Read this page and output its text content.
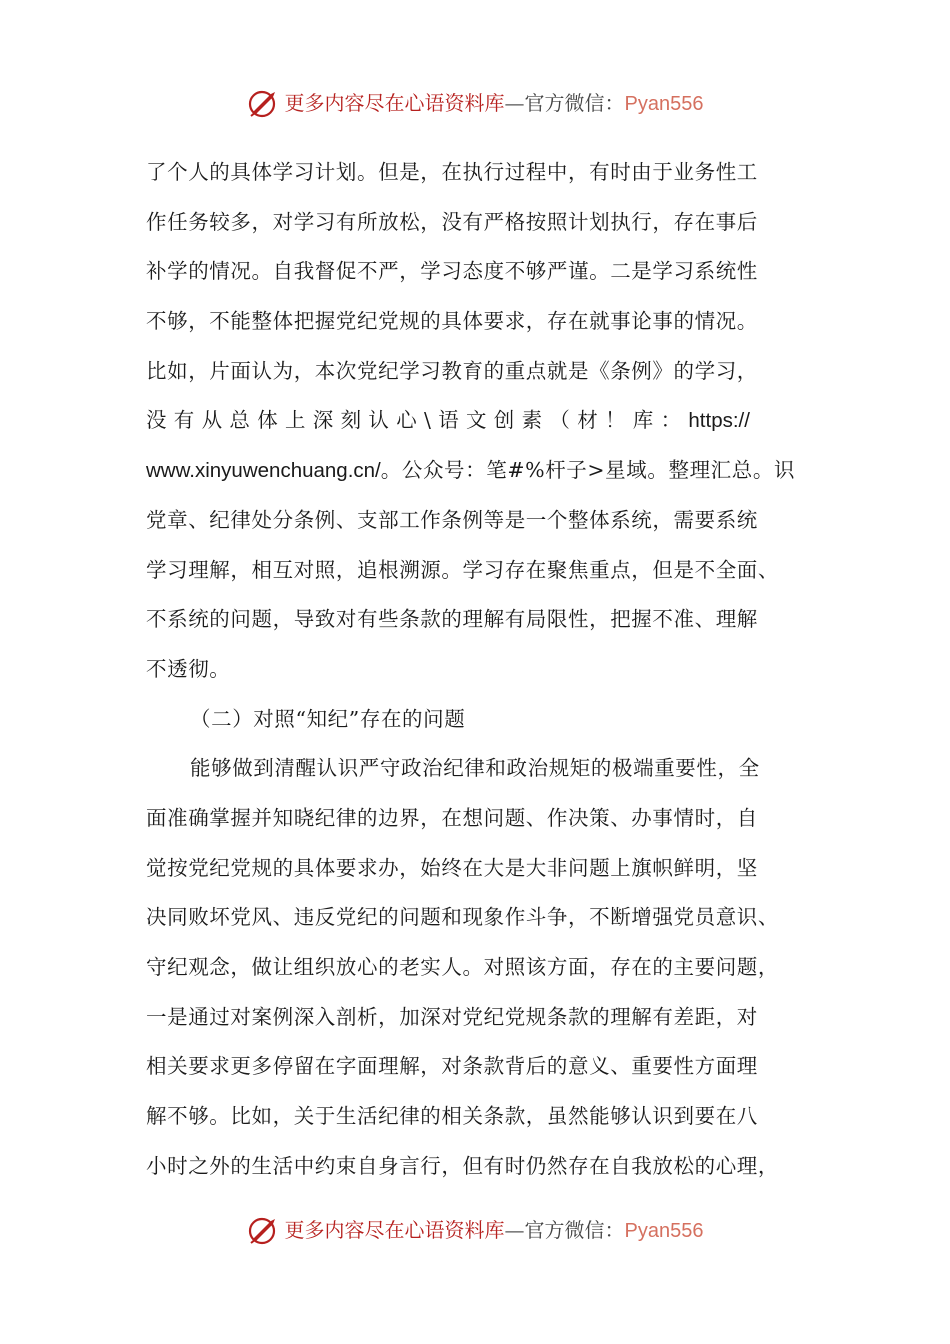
更多内容尽在心语资料库—官方微信：Pyan556
了个人的具体学习计划。但是，在执行过程中，有时由于业务性工
作任务较多，对学习有所放松，没有严格按照计划执行，存在事后
补学的情况。自我督促不严，学习态度不够严谨。二是学习系统性
不够，不能整体把握党纪党规的具体要求，存在就事论事的情况。
比如，片面认为，本次党纪学习教育的重点就是《条例》的学习，
没有从总体上深刻认心\语文创素（材！库：https://
www.xinyuwenchuang.cn/。公众号：笔#%杆子>星域。整理汇总。识
党章、纪律处分条例、支部工作条例等是一个整体系统，需要系统
学习理解，相互对照，追根溯源。学习存在聚焦重点，但是不全面、
不系统的问题，导致对有些条款的理解有局限性，把握不准、理解
不透彻。
（二）对照“知纪”存在的问题
能够做到清醒认识严守政治纪律和政治规矩的极端重要性，全
面准确掌握并知晓纪律的边界，在想问题、作决策、办事情时，自
觉按党纪党规的具体要求办，始终在大是大非问题上旗帜鲜明，坚
决同败坏党风、违反党纪的问题和现象作斗争，不断增强党员意识、
守纪观念，做让组织放心的老实人。对照该方面，存在的主要问题，
一是通过对案例深入剖析，加深对党纪党规条款的理解有差距，对
相关要求更多停留在字面理解，对条款背后的意义、重要性方面理
解不够。比如，关于生活纪律的相关条款，虽然能够认识到要在八
小时之外的生活中约束自身言行，但有时仍然存在自我放松的心理，
更多内容尽在心语资料库—官方微信：Pyan556
